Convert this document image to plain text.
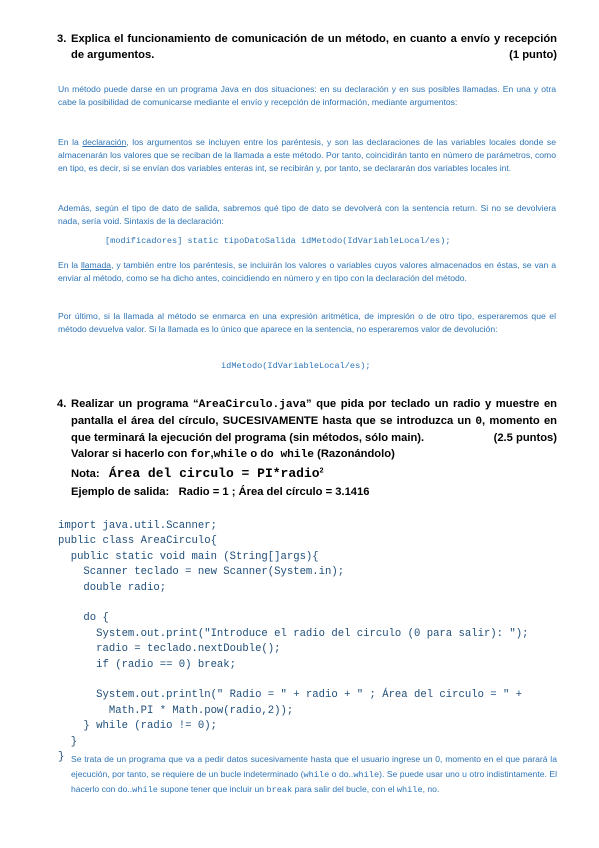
3. Explica el funcionamiento de comunicación de un método, en cuanto a envío y recepción de argumentos.	(1 punto)
Un método puede darse en un programa Java en dos situaciones: en su declaración y en sus posibles llamadas. En una y otra cabe la posibilidad de comunicarse mediante el envío y recepción de información, mediante argumentos:
En la declaración, los argumentos se incluyen entre los paréntesis, y son las declaraciones de las variables locales donde se almacenarán los valores que se reciban de la llamada a este método. Por tanto, coincidirán tanto en número de parámetros, como en tipo, es decir, si se envían dos variables enteras int, se recibirán y, por tanto, se declararán dos variables locales int.
Además, según el tipo de dato de salida, sabremos qué tipo de dato se devolverá con la sentencia return. Si no se devolviera nada, sería void. Sintaxis de la declaración:
[modificadores] static tipoDatoSalida idMetodo(IdVariableLocal/es);
En la llamada, y también entre los paréntesis, se incluirán los valores o variables cuyos valores almacenados en éstas, se van a enviar al método, como se ha dicho antes, coincidiendo en número y en tipo con la declaración del método.
Por último, si la llamada al método se enmarca en una expresión aritmética, de impresión o de otro tipo, esperaremos que el método devuelva valor. Si la llamada es lo único que aparece en la sentencia, no esperaremos valor de devolución:
idMetodo(IdVariableLocal/es);
4. Realizar un programa “AreaCirculo.java” que pida por teclado un radio y muestre en pantalla el área del círculo, SUCESIVAMENTE hasta que se introduzca un 0, momento en que terminará la ejecución del programa (sin métodos, sólo main).	(2.5 puntos)
Valorar si hacerlo con for,while o do while (Razonándolo)
Nota: Área del circulo = PI*radio$^2$
Ejemplo de salida: Radio = 1 ; Área del círculo = 3.1416
import java.util.Scanner;
public class AreaCirculo{
public static void main (String[]args){
Scanner teclado = new Scanner(System.in);
double radio;

do {
System.out.print("Introduce el radio del circulo (0 para salir): ");
radio = teclado.nextDouble();
if (radio == 0) break;

System.out.println(" Radio = " + radio + " ; Área del circulo = " +
Math.PI * Math.pow(radio,2));
} while (radio != 0);
}
} Se trata de un programa que va a pedir datos sucesivamente hasta que el usuario ingrese un 0, momento en el que parará la ejecución, por tanto, se requiere de un bucle indeterminado (while o do..while). Se puede usar uno u otro indistintamente. El hacerlo con do..while supone tener que incluir un break para salir del bucle, con el while, no.
